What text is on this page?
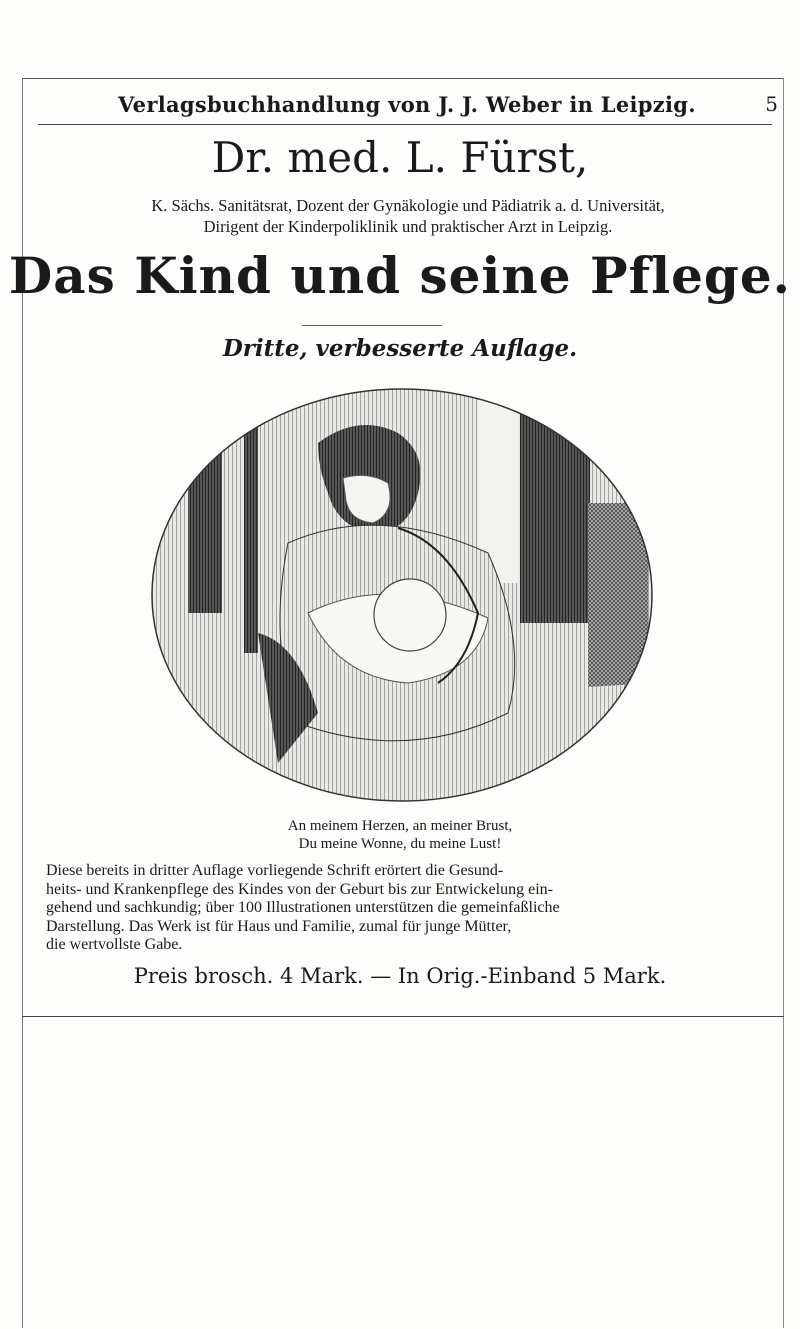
Verlagsbuchhandlung von J. J. Weber in Leipzig.	5
Dr. med. L. Fürst,
K. Sächs. Sanitätsrat, Dozent der Gynäkologie und Pädiatrik a. d. Universität,
Dirigent der Kinderpoliklinik und praktischer Arzt in Leipzig.
Das Kind und seine Pflege.
Dritte, verbesserte Auflage.
An meinem Herzen, an meiner Brust,
Du meine Wonne, du meine Lust!
Diese bereits in dritter Auflage vorliegende Schrift erörtert die Gesund-
heits- und Krankenpflege des Kindes von der Geburt bis zur Entwickelung ein-
gehend und sachkundig; über 100 Illustrationen unterstützen die gemeinfaßliche
Darstellung. Das Werk ist für Haus und Familie, zumal für junge Mütter,
die wertvollste Gabe.
Preis brosch. 4 Mark. — In Orig.-Einband 5 Mark.
